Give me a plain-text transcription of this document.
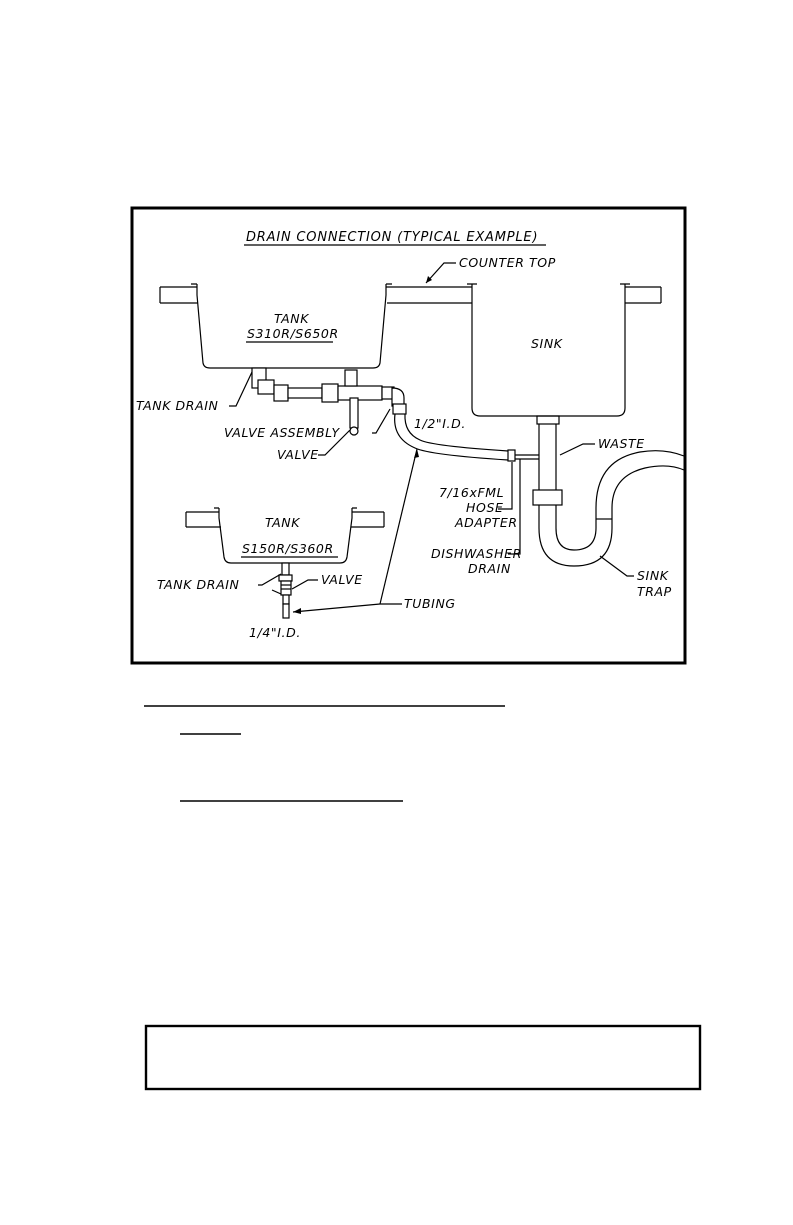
DRAIN CONNECTION (TYPICAL EXAMPLE)
TANK
S310R/S650R
SINK
COUNTER TOP
WASTE
1/2"I.D.
TANK DRAIN
VALVE ASSEMBLY
VALVE
7/16xFML
HOSE
ADAPTER
DISHWASHER
DRAIN
TANK
S150R/S360R
TANK DRAIN	VALVE
TUBING
1/4"I.D.
SINK
TRAP
